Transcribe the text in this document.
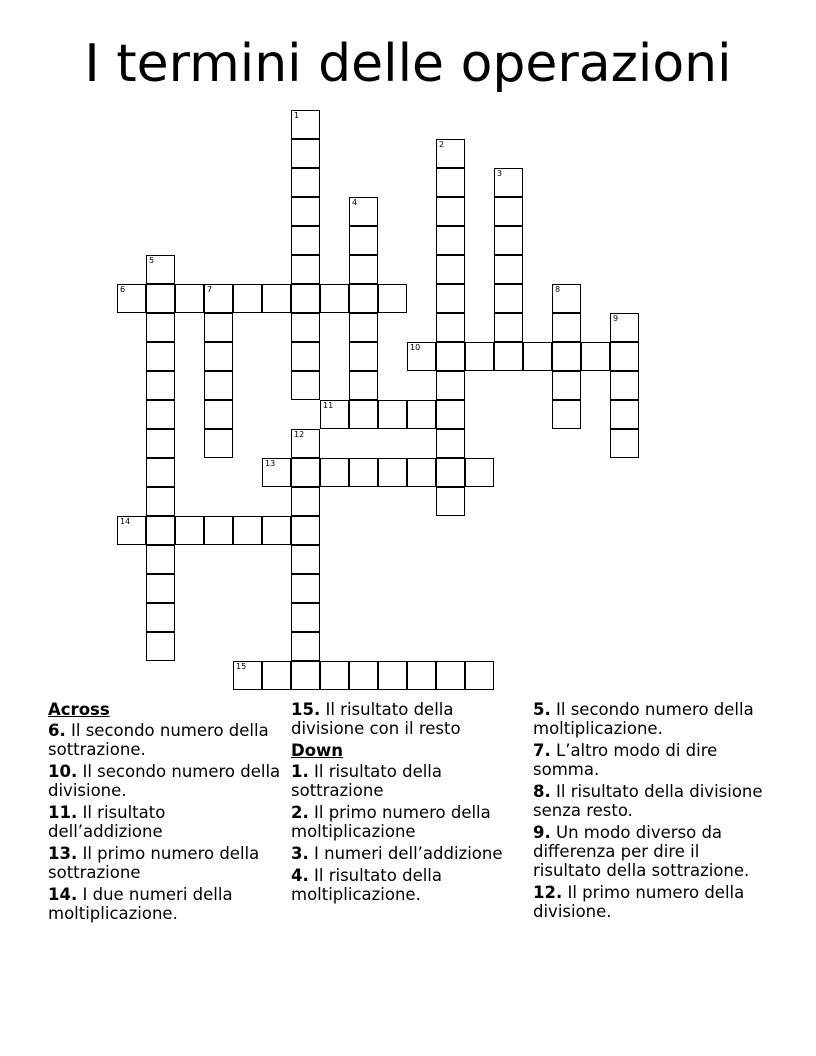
I termini delle operazioni
1
2
3
4
5
6	7	8
9
10
11
12
13
14
15
Across
6. Il secondo numero della sottrazione.
10. Il secondo numero della divisione.
11. Il risultato dell’addizione
13. Il primo numero della sottrazione
14. I due numeri della moltiplicazione.
15. Il risultato della divisione con il resto
Down
1. Il risultato della sottrazione
2. Il primo numero della moltiplicazione
3. I numeri dell’addizione
4. Il risultato della moltiplicazione.
5. Il secondo numero della moltiplicazione.
7. L’altro modo di dire somma.
8. Il risultato della divisione senza resto.
9. Un modo diverso da differenza per dire il risultato della sottrazione.
12. Il primo numero della divisione.
